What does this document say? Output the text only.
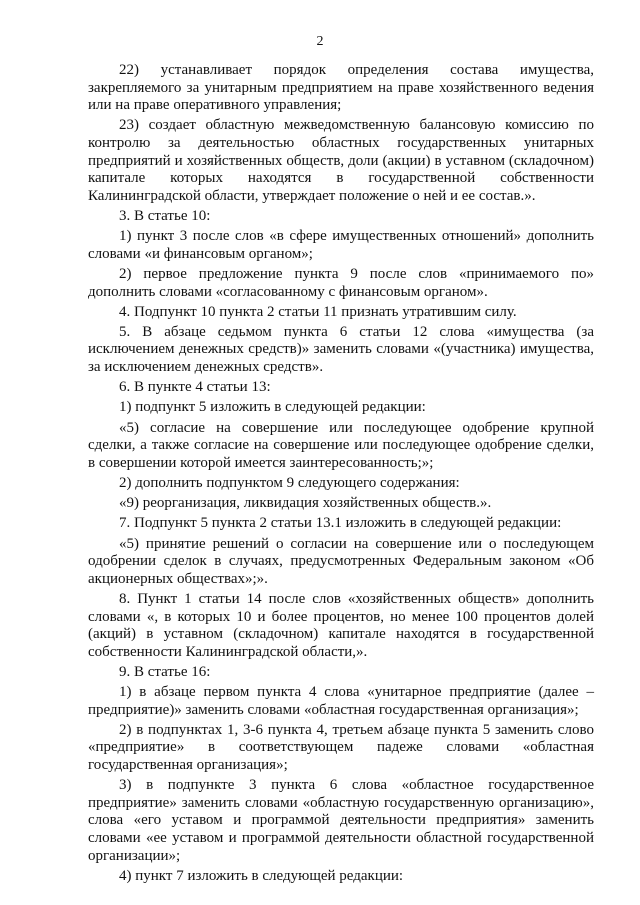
2

22) устанавливает порядок определения состава имущества, закрепляемого за унитарным предприятием на праве хозяйственного ведения или на праве оперативного управления;

23) создает областную межведомственную балансовую комиссию по контролю за деятельностью областных государственных унитарных предприятий и хозяйственных обществ, доли (акции) в уставном (складочном) капитале которых находятся в государственной собственности Калининградской области, утверждает положение о ней и ее состав.».

3. В статье 10:

1) пункт 3 после слов «в сфере имущественных отношений» дополнить словами «и финансовым органом»;

2) первое предложение пункта 9 после слов «принимаемого по» дополнить словами «согласованному с финансовым органом».

4. Подпункт 10 пункта 2 статьи 11 признать утратившим силу.

5. В абзаце седьмом пункта 6 статьи 12 слова «имущества (за исключением денежных средств)» заменить словами «(участника) имущества, за исключением денежных средств».

6. В пункте 4 статьи 13:

1) подпункт 5 изложить в следующей редакции:

«5) согласие на совершение или последующее одобрение крупной сделки, а также согласие на совершение или последующее одобрение сделки, в совершении которой имеется заинтересованность;»;

2) дополнить подпунктом 9 следующего содержания:

«9) реорганизация, ликвидация хозяйственных обществ.».

7. Подпункт 5 пункта 2 статьи 13.1 изложить в следующей редакции:

«5) принятие решений о согласии на совершение или о последующем одобрении сделок в случаях, предусмотренных Федеральным законом «Об акционерных обществах»;».

8. Пункт 1 статьи 14 после слов «хозяйственных обществ» дополнить словами «, в которых 10 и более процентов, но менее 100 процентов долей (акций) в уставном (складочном) капитале находятся в государственной собственности Калининградской области,».

9. В статье 16:

1) в абзаце первом пункта 4 слова «унитарное предприятие (далее – предприятие)» заменить словами «областная государственная организация»;

2) в подпунктах 1, 3-6 пункта 4, третьем абзаце пункта 5 заменить слово «предприятие» в соответствующем падеже словами «областная государственная организация»;

3) в подпункте 3 пункта 6 слова «областное государственное предприятие» заменить словами «областную государственную организацию», слова «его уставом и программой деятельности предприятия» заменить словами «ее уставом и программой деятельности областной государственной организации»;

4) пункт 7 изложить в следующей редакции:
